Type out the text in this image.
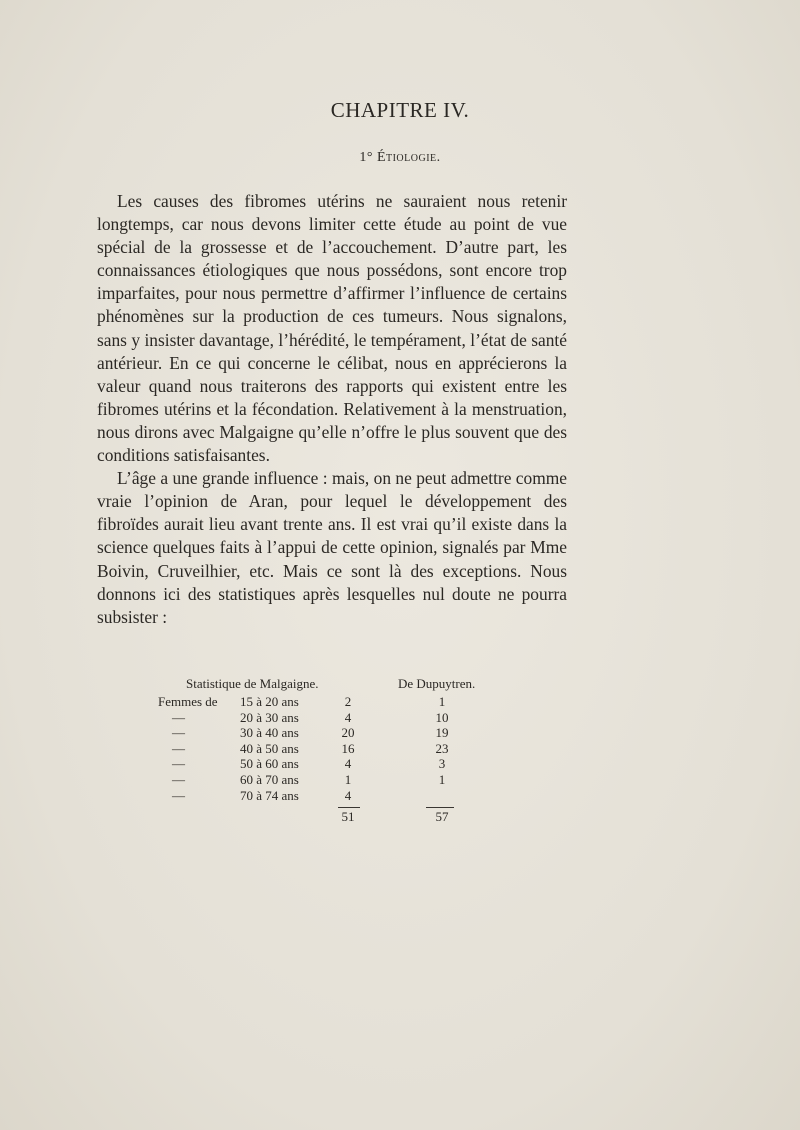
CHAPITRE IV.
1° Étiologie.

Les causes des fibromes utérins ne sauraient nous retenir longtemps, car nous devons limiter cette étude au point de vue spécial de la grossesse et de l’accouchement. D’autre part, les connaissances étiologiques que nous possédons, sont encore trop imparfaites, pour nous permettre d’affirmer l’influence de certains phénomènes sur la production de ces tumeurs. Nous signalons, sans y insister davantage, l’hérédité, le tempérament, l’état de santé antérieur. En ce qui concerne le célibat, nous en apprécierons la valeur quand nous traiterons des rapports qui existent entre les fibromes utérins et la fécondation. Relativement à la menstruation, nous dirons avec Malgaigne qu’elle n’offre le plus souvent que des conditions satisfaisantes.

L’âge a une grande influence : mais, on ne peut admettre comme vraie l’opinion de Aran, pour lequel le développement des fibroïdes aurait lieu avant trente ans. Il est vrai qu’il existe dans la science quelques faits à l’appui de cette opinion, signalés par Mme Boivin, Cruveilhier, etc. Mais ce sont là des exceptions. Nous donnons ici des statistiques après lesquelles nul doute ne pourra subsister :

Statistique de Malgaigne.	De Dupuytren.
Femmes de	15 à 20 ans	2	1
—	20 à 30 ans	4	10
—	30 à 40 ans	20	19
—	40 à 50 ans	16	23
—	50 à 60 ans	4	3
—	60 à 70 ans	1	1
—	70 à 74 ans	4
51	57
